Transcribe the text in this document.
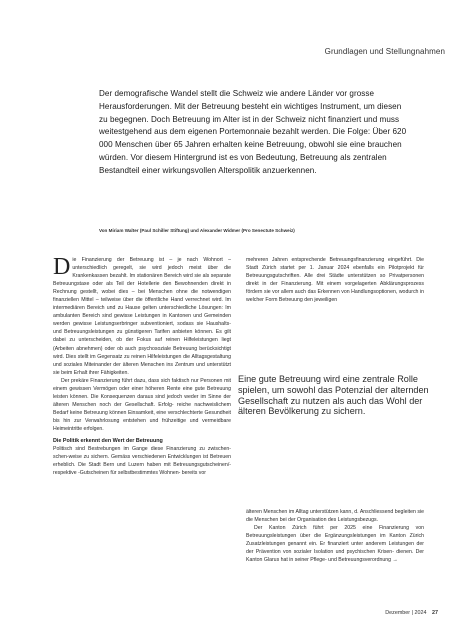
Grundlagen und Stellungnahmen

Der demografische Wandel stellt die Schweiz wie andere Länder vor grosse Herausforderungen. Mit der Betreuung besteht ein wichtiges Instrument, um diesen zu begegnen. Doch Betreuung im Alter ist in der Schweiz nicht finanziert und muss weitestgehend aus dem eigenen Portemonnaie bezahlt werden. Die Folge: Über 620 000 Menschen über 65 Jahren erhalten keine Betreuung, obwohl sie eine brauchen würden. Vor diesem Hintergrund ist es von Bedeutung, Betreuung als zentralen Bestandteil einer wirkungsvollen Alterspolitik anzuerkennen.

Von Miriam Walter (Paul Schiller Stiftung) und Alexander Widmer (Pro Senectute Schweiz)

D ie Finanzierung der Betreuung ist – je nach Wohnort – unterschiedlich geregelt, sie wird jedoch meist über die Krankenkassen bezahlt. Im stationären Bereich wird sie als separate Betreuungstaxe oder als Teil der Hotellerie den Bewohnenden direkt in Rechnung gestellt, wobei dies – bei Menschen ohne die notwendigen finanziellen Mittel – teilweise über die öffentliche Hand verrechnet wird. Im intermediären Bereich und zu Hause gelten unterschiedliche Lösungen: Im ambulanten Bereich sind gewisse Leistungen in Kantonen und Gemeinden werden gewisse Leistungserbringer subventioniert, sodass sie Haushalts- und Betreuungsleistungen zu günstigeren Tarifen anbieten können. Es gilt dabei zu unterscheiden, ob der Fokus auf reinen Hilfeleistungen liegt (Arbeiten abnehmen) oder ob auch psychosoziale Betreuung berücksichtigt wird. Dies stellt im Gegensatz zu reinen Hilfeleistungen die Alltagsgestaltung und soziales Miteinander der älteren Menschen ins Zentrum und unterstützt sie beim Erhalt ihrer Fähigkeiten.

Der prekäre Finanzierung führt dazu, dass sich faktisch nur Personen mit einem gewissen Vermögen oder einer höheren Rente eine gute Betreuung leisten können. Die Konsequenzen daraus sind jedoch weder im Sinne der älteren Menschen noch der Gesellschaft. Erfolg- reiche nachweislichem Bedarf keine Betreuung können Einsamkeit, eine verschlechterte Gesundheit bis hin zur Verwahrlosung entstehen und frühzeitige und vermeidbare Heimeintritte erfolgen.

Die Politik erkennt den Wert der Betreuung

Politisch sind Bestrebungen im Gange diese Finanzierung zu zwischen- schen-weise zu sichern. Gemäss verschiedenen Entwicklungen ist Betreuen erheblich. Die Stadt Bern und Luzern haben mit Betreuungsgutscheinen/-respektive -Gutscheinen für selbstbestimmtes Wohnen- bereits vor

mehreren Jahren entsprechende Betreuungsfinanzierung eingeführt. Die Stadt Zürich startet per 1. Januar 2024 ebenfalls ein Pilotprojekt für Betreuungsgutschriften. Alle drei Städte unterstützen so Privatpersonen direkt in der Finanzierung. Mit einem vorgelagerten Abklärungsprozess fördern sie vor allem auch das Erkennen von Handlungsoptionen, wodurch in welcher Form Betreuung den jeweiligen

Eine gute Betreuung wird eine zentrale Rolle spielen, um sowohl das Potenzial der alternden Gesellschaft zu nutzen als auch das Wohl der älteren Bevölkerung zu sichern.

älteren Menschen im Alltag unterstützen kann, d. Anschliessend begleiten sie die Menschen bei der Organisation des Leistungsbezugs.

Der Kanton Zürich führt per 2025 eine Finanzierung von Betreuungsleistungen über die Ergänzungsleistungen im Kanton Zürich Zusatzleistungen genannt ein. Er finanziert unter anderem Leistungen der der Prävention von sozialer Isolation und psychischen Krisen- dienen. Der Kanton Glarus hat in seiner Pflege- und Betreuungsverordnung →

Dezember | 2024 27
